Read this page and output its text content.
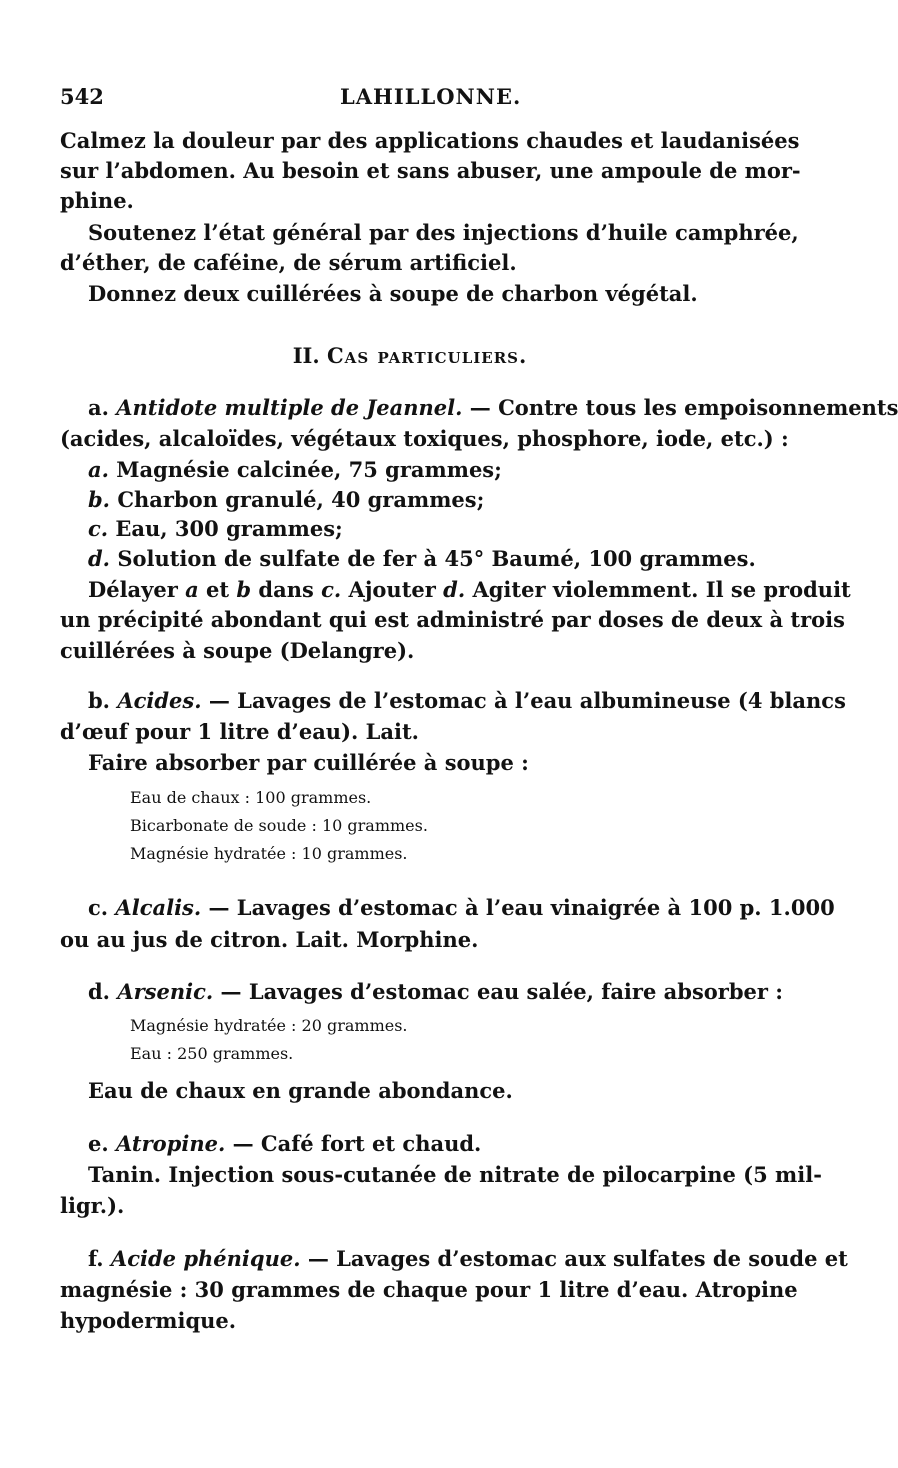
542	LAHILLONNE.
Calmez la douleur par des applications chaudes et laudanisées
sur l’abdomen. Au besoin et sans abuser, une ampoule de mor-
phine.
Soutenez l’état général par des injections d’huile camphrée,
d’éther, de caféine, de sérum artificiel.
Donnez deux cuillérées à soupe de charbon végétal.
II. Cas particuliers.
a. Antidote multiple de Jeannel. — Contre tous les empoisonnements
(acides, alcaloïdes, végétaux toxiques, phosphore, iode, etc.) :
a. Magnésie calcinée, 75 grammes;
b. Charbon granulé, 40 grammes;
c. Eau, 300 grammes;
d. Solution de sulfate de fer à 45° Baumé, 100 grammes.
Délayer a et b dans c. Ajouter d. Agiter violemment. Il se produit
un précipité abondant qui est administré par doses de deux à trois
cuillérées à soupe (Delangre).
b. Acides. — Lavages de l’estomac à l’eau albumineuse (4 blancs
d’œuf pour 1 litre d’eau). Lait.
Faire absorber par cuillérée à soupe :
Eau de chaux : 100 grammes.
Bicarbonate de soude : 10 grammes.
Magnésie hydratée : 10 grammes.
c. Alcalis. — Lavages d’estomac à l’eau vinaigrée à 100 p. 1.000
ou au jus de citron. Lait. Morphine.
d. Arsenic. — Lavages d’estomac eau salée, faire absorber :
Magnésie hydratée : 20 grammes.
Eau : 250 grammes.
Eau de chaux en grande abondance.
e. Atropine. — Café fort et chaud.
Tanin. Injection sous-cutanée de nitrate de pilocarpine (5 mil-
ligr.).
f. Acide phénique. — Lavages d’estomac aux sulfates de soude et
magnésie : 30 grammes de chaque pour 1 litre d’eau. Atropine
hypodermique.
